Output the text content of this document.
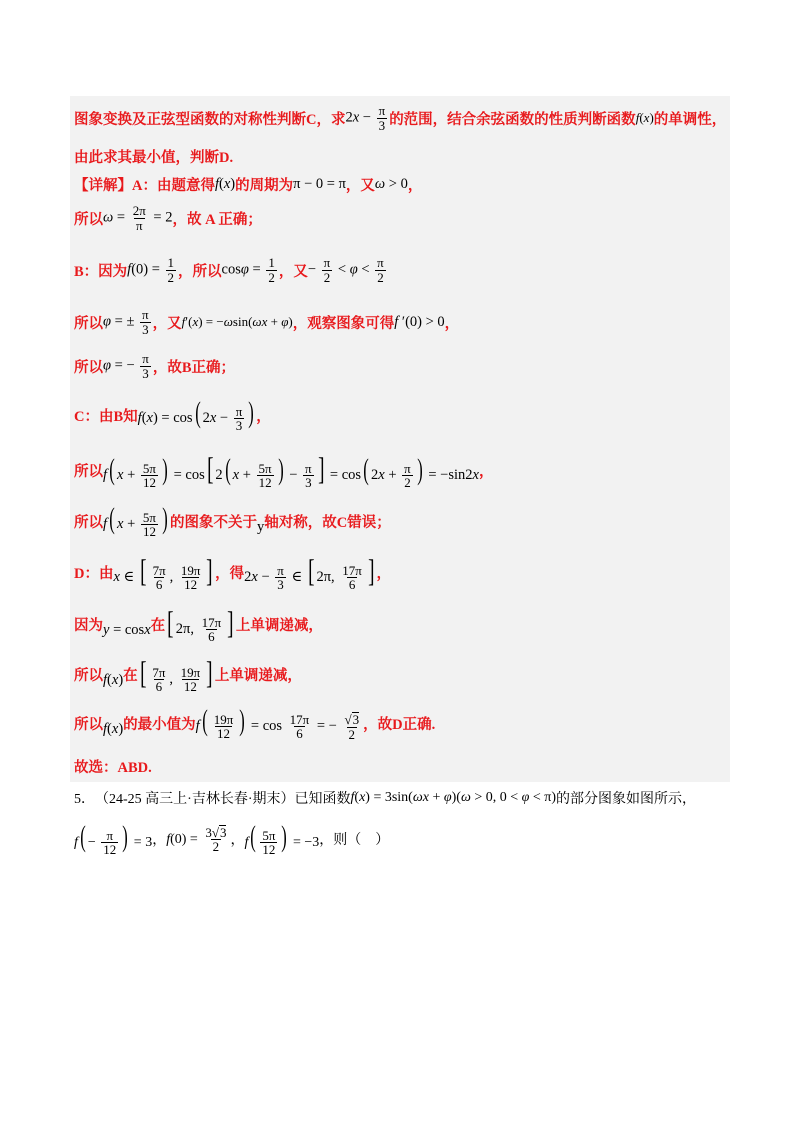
图象变换及正弦型函数的对称性判断C，求 $2x - \frac{\pi}{3}$ 的范围，结合余弦函数的性质判断函数 f(x) 的单调性，
由此求其最小值，判断D.
【详解】A：由题意得 f(x) 的周期为 π − 0 = π ，又 ω > 0 ，
所以 $\omega = \frac{2\pi}{\pi} = 2$ ，故 A 正确；
B：因为 $f(0) = \frac{1}{2}$ ，所以 $\cos\varphi = \frac{1}{2}$ ，又 − $\frac{\pi}{2} < \varphi < \frac{\pi}{2}$
所以 φ = ± $\frac{\pi}{3}$ ，又 f′(x) = −ωsin(ωx + φ) ，观察图象可得 f ′(0) > 0 ，
所以 φ = − $\frac{\pi}{3}$ ，故B正确；
C：由B知 f(x) = cos( $2x - \frac{\pi}{3}$ ) ，
所以 f( $x + \frac{5\pi}{12}$ ) = cos[ 2( $x + \frac{5\pi}{12}$ ) − $\frac{\pi}{3}$ ] = cos( $2x + \frac{\pi}{2}$ ) = −sin2x ，
所以 f( $x + \frac{5\pi}{12}$ ) 的图象不关于 y 轴对称，故C错误；
D：由 x ∈ [ $\frac{7\pi}{6}$ , $\frac{19\pi}{12}$ ] ，得 $2x - \frac{\pi}{3}$ ∈ [ 2π, $\frac{17\pi}{6}$ ] ，
因为 y = cosx 在 [ 2π, $\frac{17\pi}{6}$ ] 上单调递减，
所以 f(x) 在 [ $\frac{7\pi}{6}$ , $\frac{19\pi}{12}$ ] 上单调递减，
所以 f(x) 的最小值为 $f( \frac{19\pi}{12}$ ) = $\cos \frac{17\pi}{6}$ = − $\frac{√3}{2}$ ，故D正确.
故选：ABD.
5． （24-25 高三上·吉林长春·期末）已知函数 f(x) = 3sin(ωx + φ)(ω > 0, 0 < φ < π) 的部分图象如图所示，
$f( - \frac{\pi}{12}$ ) = 3 ， $f(0) = \frac{3√3}{2}$ ， $f( \frac{5\pi}{12}$ ) = −3 ，则（　）
